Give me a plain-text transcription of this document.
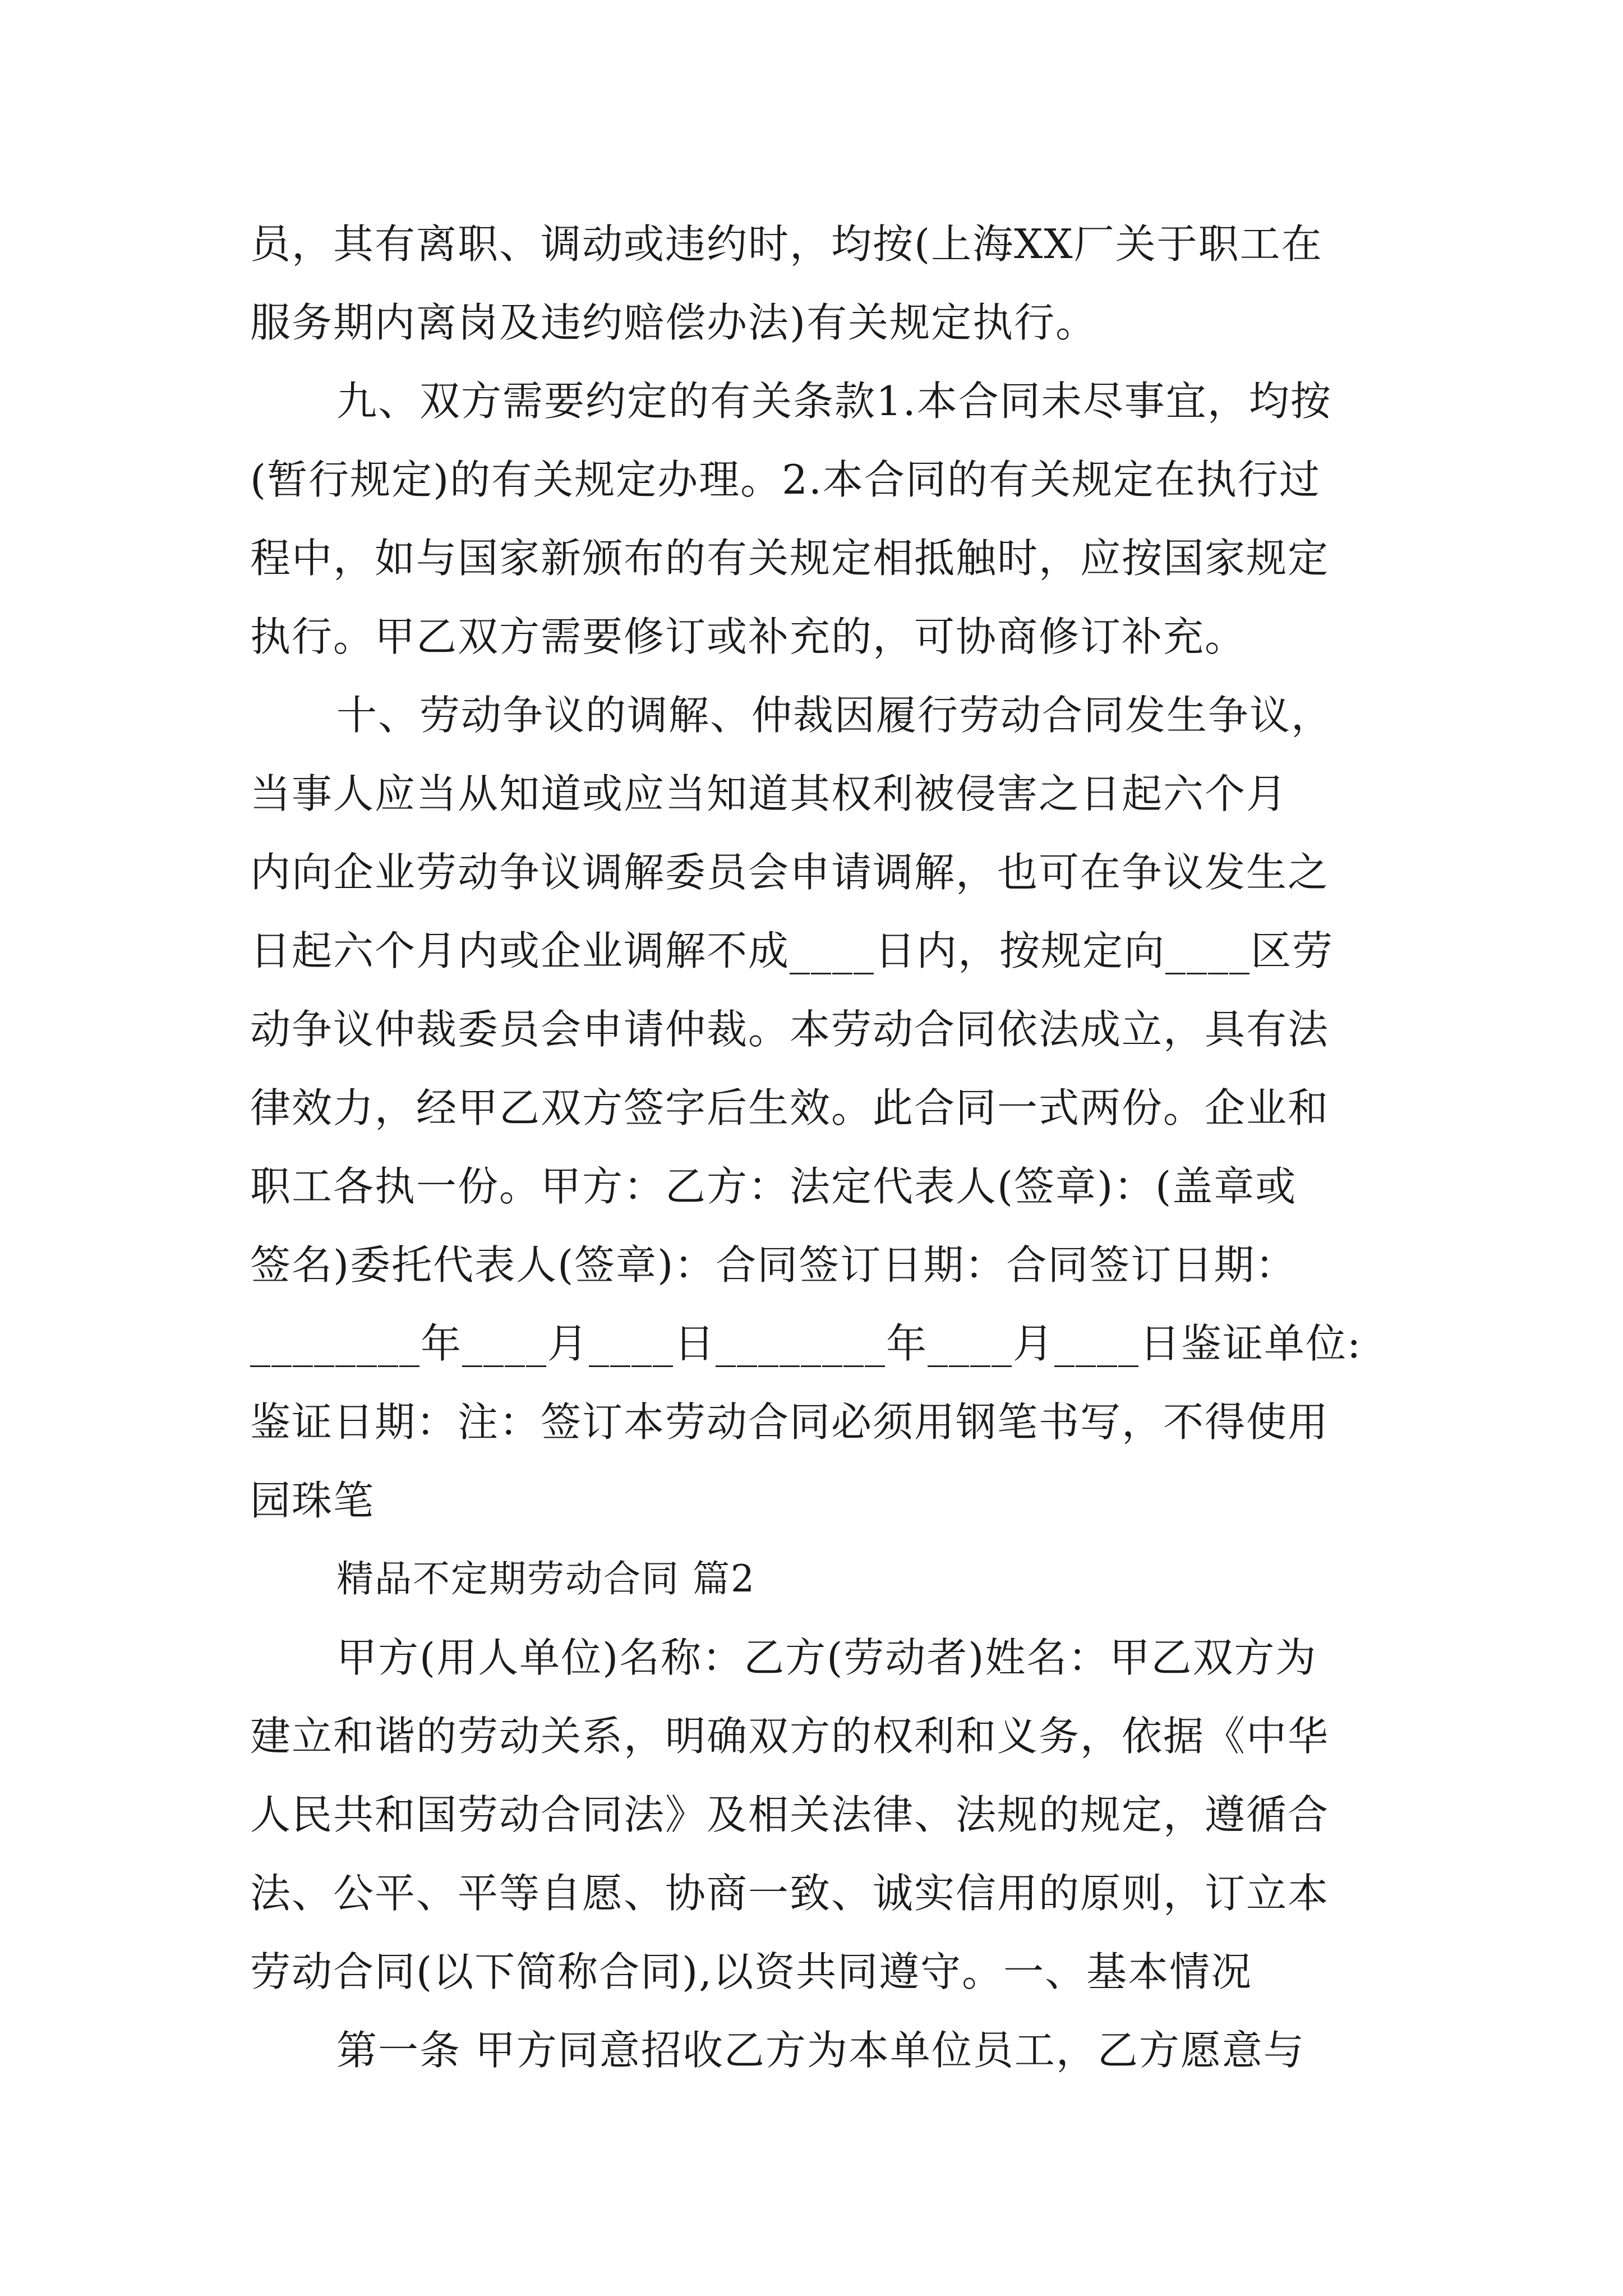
员，其有离职、调动或违约时，均按(上海XX厂关于职工在
服务期内离岗及违约赔偿办法)有关规定执行。
九、双方需要约定的有关条款1.本合同未尽事宜，均按
(暂行规定)的有关规定办理。2.本合同的有关规定在执行过
程中，如与国家新颁布的有关规定相抵触时，应按国家规定
执行。甲乙双方需要修订或补充的，可协商修订补充。
十、劳动争议的调解、仲裁因履行劳动合同发生争议，
当事人应当从知道或应当知道其权利被侵害之日起六个月
内向企业劳动争议调解委员会申请调解，也可在争议发生之
日起六个月内或企业调解不成____日内，按规定向____区劳
动争议仲裁委员会申请仲裁。本劳动合同依法成立，具有法
律效力，经甲乙双方签字后生效。此合同一式两份。企业和
职工各执一份。甲方：乙方：法定代表人(签章)：(盖章或
签名)委托代表人(签章)：合同签订日期：合同签订日期：
________年____月____日________年____月____日鉴证单位:
鉴证日期：注：签订本劳动合同必须用钢笔书写，不得使用
园珠笔
精品不定期劳动合同 篇2
甲方(用人单位)名称：乙方(劳动者)姓名：甲乙双方为
建立和谐的劳动关系，明确双方的权利和义务，依据《中华
人民共和国劳动合同法》及相关法律、法规的规定，遵循合
法、公平、平等自愿、协商一致、诚实信用的原则，订立本
劳动合同(以下简称合同),以资共同遵守。一、基本情况
第一条 甲方同意招收乙方为本单位员工，乙方愿意与
